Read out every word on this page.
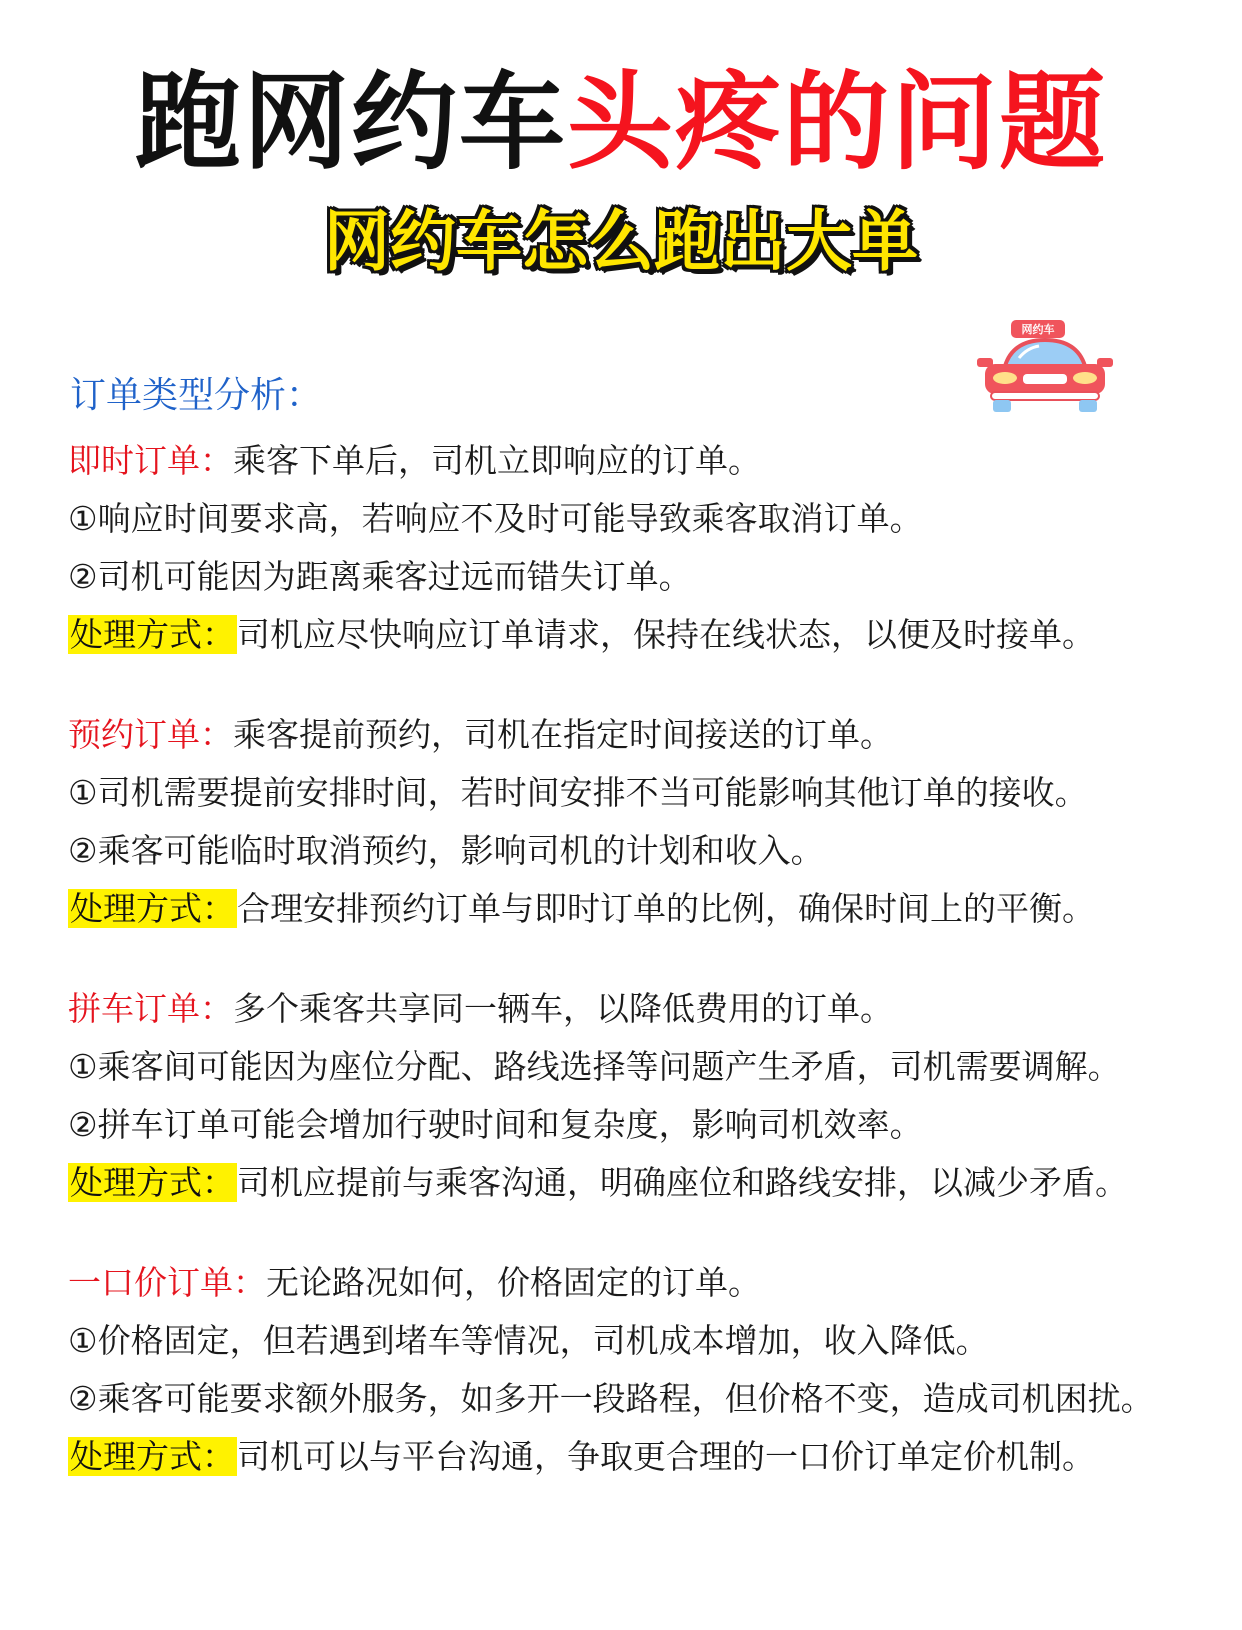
跑网约车头疼的问题
网约车怎么跑出大单
网约车
订单类型分析：
即时订单：乘客下单后，司机立即响应的订单。
①响应时间要求高，若响应不及时可能导致乘客取消订单。
②司机可能因为距离乘客过远而错失订单。
处理方式：司机应尽快响应订单请求，保持在线状态，以便及时接单。
预约订单：乘客提前预约，司机在指定时间接送的订单。
①司机需要提前安排时间，若时间安排不当可能影响其他订单的接收。
②乘客可能临时取消预约，影响司机的计划和收入。
处理方式：合理安排预约订单与即时订单的比例，确保时间上的平衡。
拼车订单：多个乘客共享同一辆车，以降低费用的订单。
①乘客间可能因为座位分配、路线选择等问题产生矛盾，司机需要调解。
②拼车订单可能会增加行驶时间和复杂度，影响司机效率。
处理方式：司机应提前与乘客沟通，明确座位和路线安排，以减少矛盾。
一口价订单：无论路况如何，价格固定的订单。
①价格固定，但若遇到堵车等情况，司机成本增加，收入降低。
②乘客可能要求额外服务，如多开一段路程，但价格不变，造成司机困扰。
处理方式：司机可以与平台沟通，争取更合理的一口价订单定价机制。
